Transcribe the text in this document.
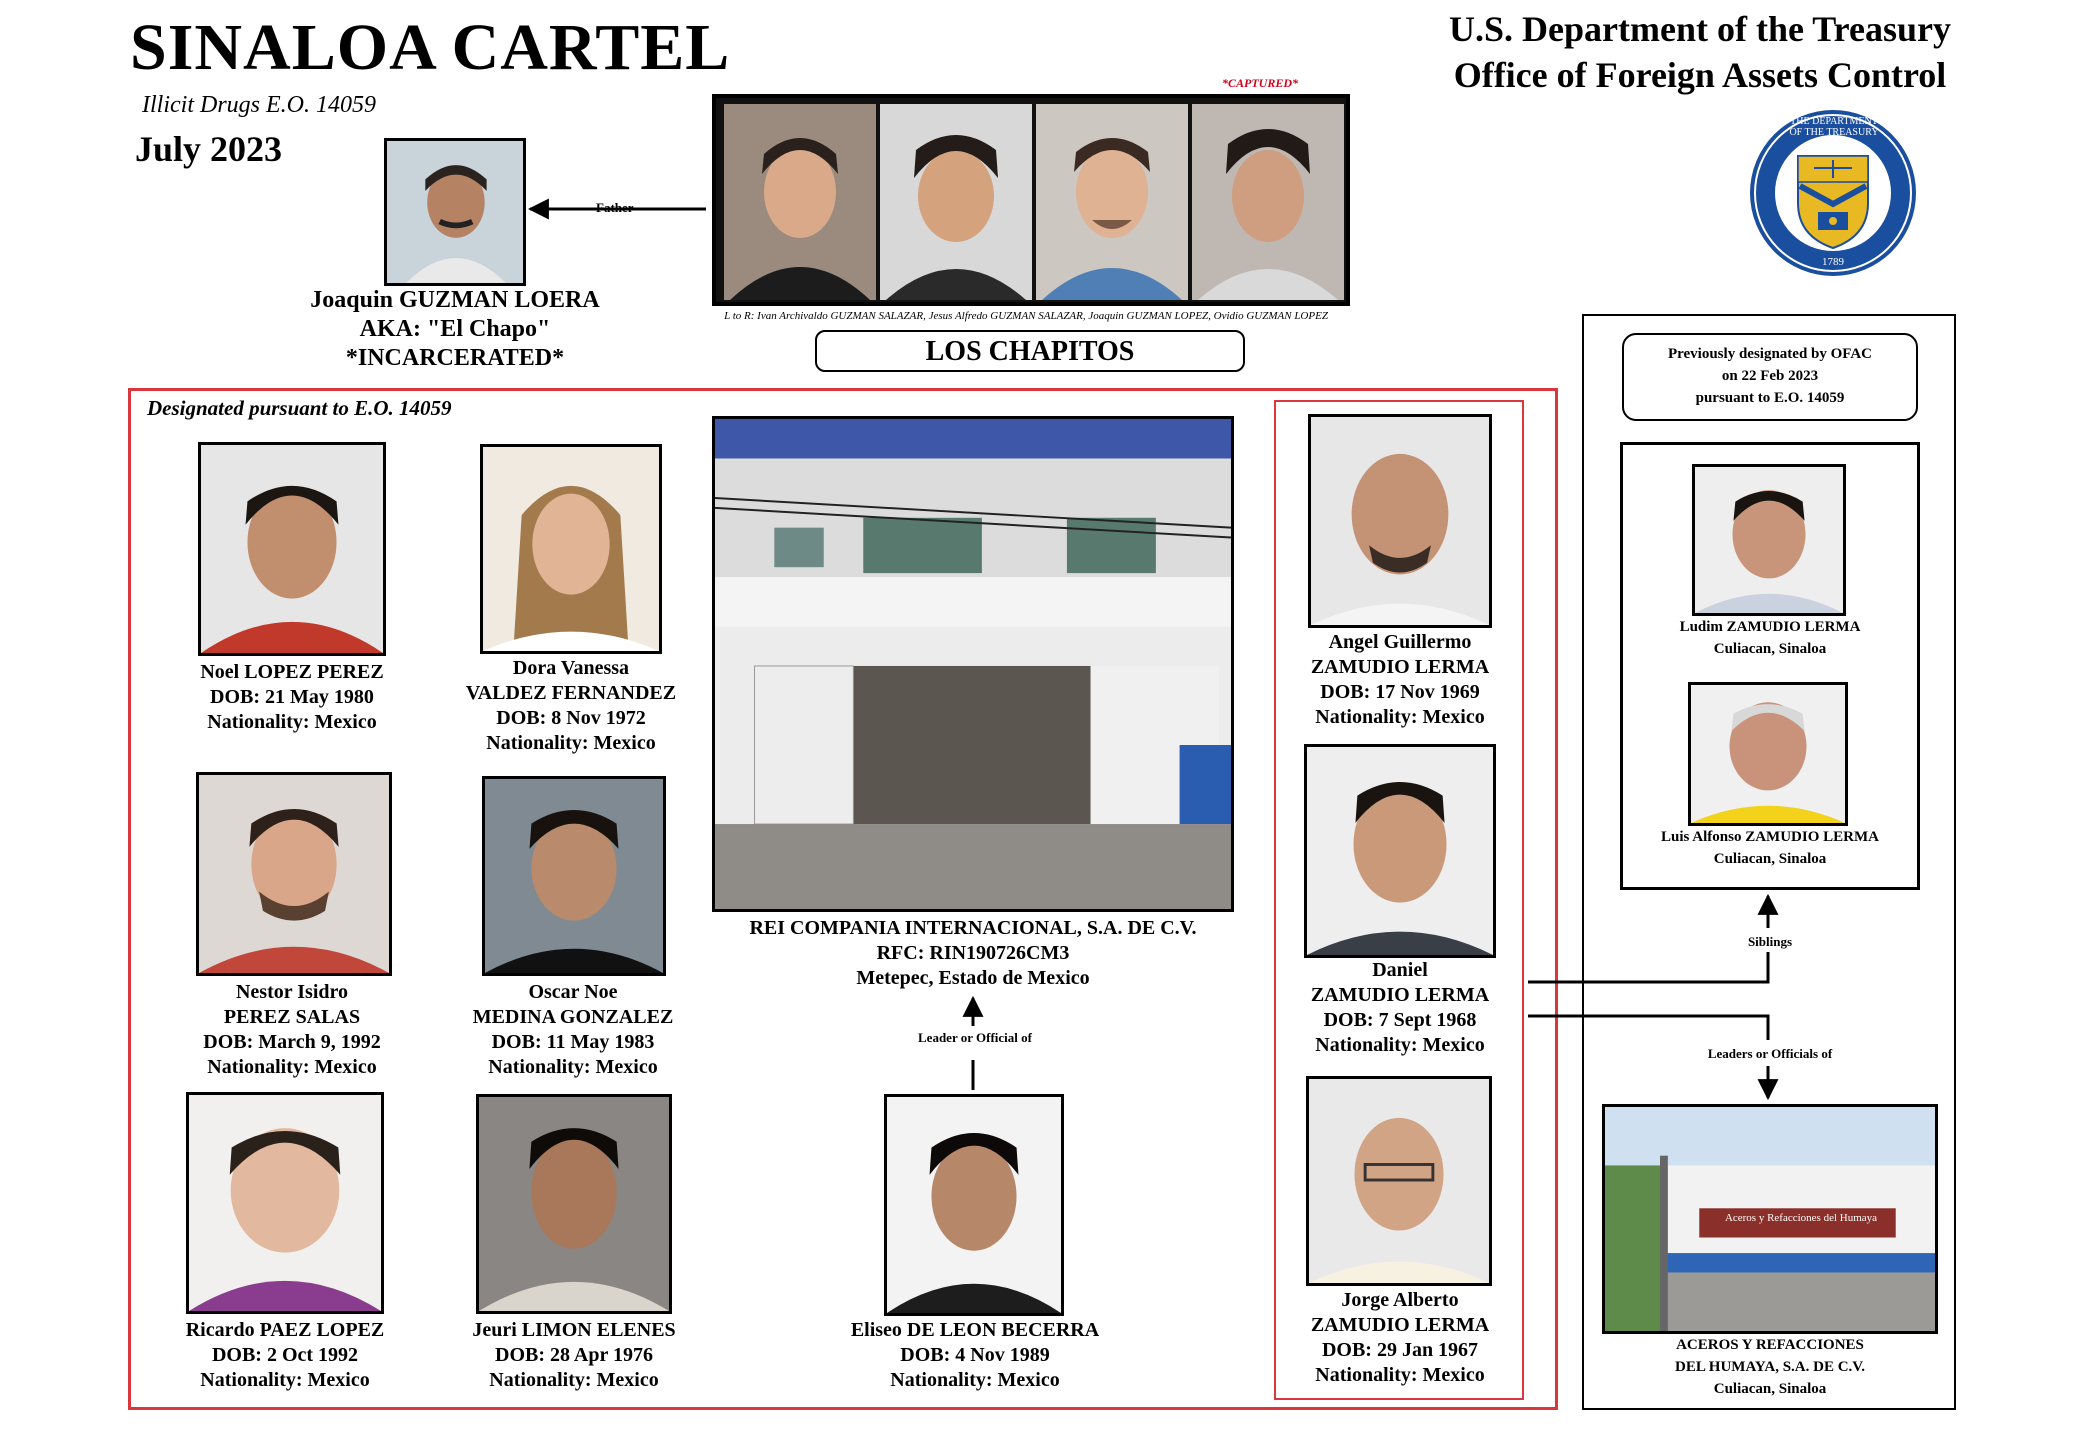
SINALOA CARTEL
Illicit Drugs E.O. 14059
July 2023
U.S. Department of the Treasury
Office of Foreign Assets Control
THE DEPARTMENT OF THE TREASURY
1789
Joaquin GUZMAN LOERA
AKA: "El Chapo"
*INCARCERATED*
Father
*CAPTURED*
L to R: Ivan Archivaldo GUZMAN SALAZAR, Jesus Alfredo GUZMAN SALAZAR, Joaquin GUZMAN LOPEZ, Ovidio GUZMAN LOPEZ
LOS CHAPITOS
Designated pursuant to E.O. 14059
Noel LOPEZ PEREZ
DOB: 21 May 1980
Nationality: Mexico
Nestor Isidro
PEREZ SALAS
DOB: March 9, 1992
Nationality: Mexico
Ricardo PAEZ LOPEZ
DOB: 2 Oct 1992
Nationality: Mexico
Dora Vanessa
VALDEZ FERNANDEZ
DOB: 8 Nov 1972
Nationality: Mexico
Oscar Noe
MEDINA GONZALEZ
DOB: 11 May 1983
Nationality: Mexico
Jeuri LIMON ELENES
DOB: 28 Apr 1976
Nationality: Mexico
REI COMPANIA INTERNACIONAL, S.A. DE C.V.
RFC: RIN190726CM3
Metepec, Estado de Mexico
Leader or Official of
Eliseo DE LEON BECERRA
DOB: 4 Nov 1989
Nationality: Mexico
Angel Guillermo
ZAMUDIO LERMA
DOB: 17 Nov 1969
Nationality: Mexico
Daniel
ZAMUDIO LERMA
DOB: 7 Sept 1968
Nationality: Mexico
Jorge Alberto
ZAMUDIO LERMA
DOB: 29 Jan 1967
Nationality: Mexico
Previously designated by OFAC
on 22 Feb 2023
pursuant to E.O. 14059
Ludim ZAMUDIO LERMA
Culiacan, Sinaloa
Luis Alfonso ZAMUDIO LERMA
Culiacan, Sinaloa
Siblings
Leaders or Officials of
Aceros y Refacciones del Humaya
ACEROS Y REFACCIONES
DEL HUMAYA, S.A. DE C.V.
Culiacan, Sinaloa
